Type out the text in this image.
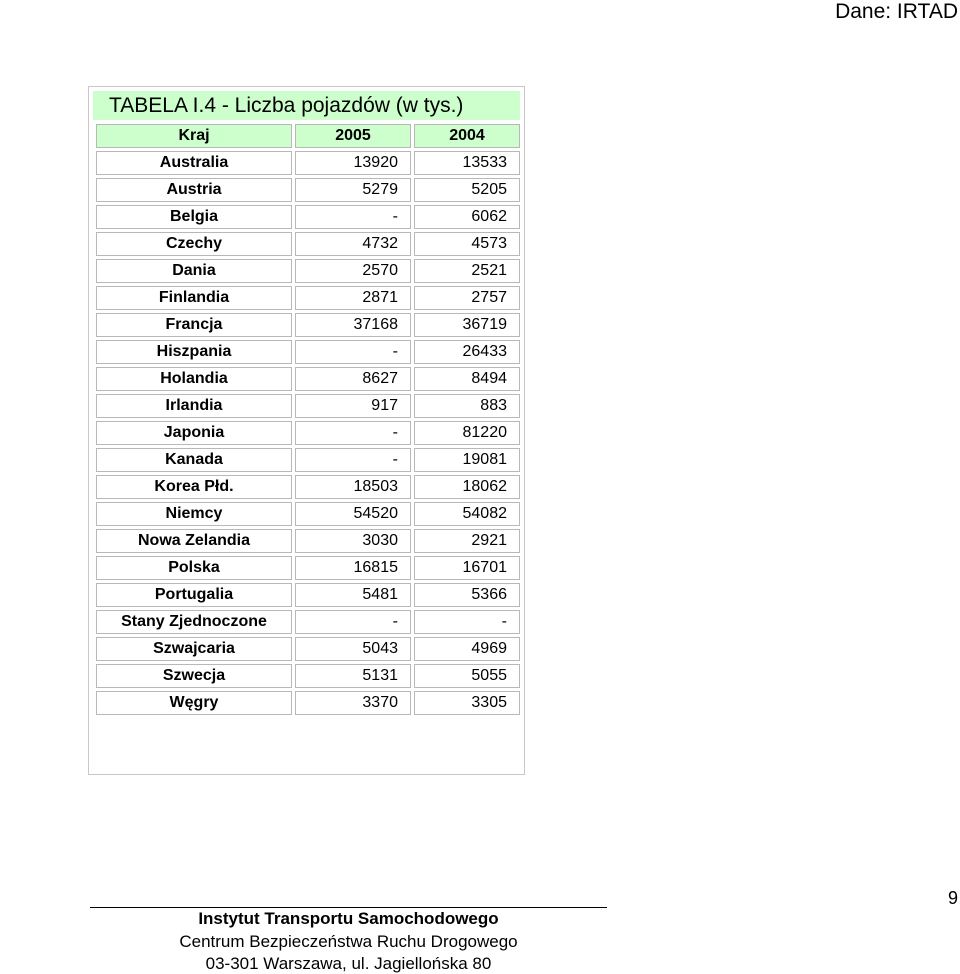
Dane: IRTAD
TABELA I.4 - Liczba pojazdów (w tys.)
Kraj	2005	2004
Australia	13920	13533
Austria	5279	5205
Belgia	-	6062
Czechy	4732	4573
Dania	2570	2521
Finlandia	2871	2757
Francja	37168	36719
Hiszpania	-	26433
Holandia	8627	8494
Irlandia	917	883
Japonia	-	81220
Kanada	-	19081
Korea Płd.	18503	18062
Niemcy	54520	54082
Nowa Zelandia	3030	2921
Polska	16815	16701
Portugalia	5481	5366
Stany Zjednoczone	-	-
Szwajcaria	5043	4969
Szwecja	5131	5055
Węgry	3370	3305
Instytut Transportu Samochodowego
Centrum Bezpieczeństwa Ruchu Drogowego
03-301 Warszawa, ul. Jagiellońska 80
9
